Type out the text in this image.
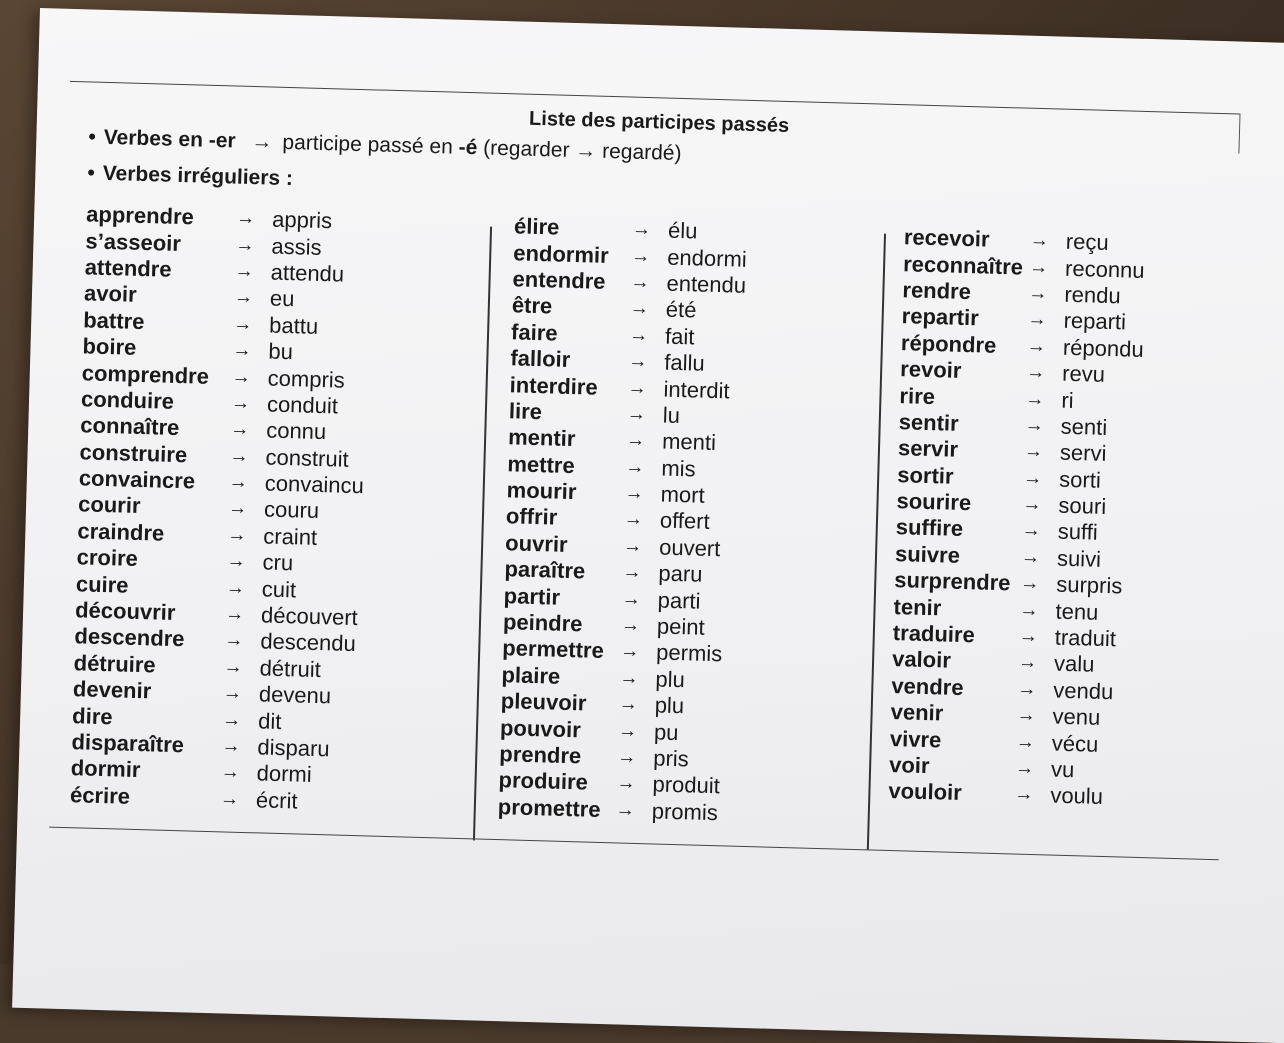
Liste des participes passés
• Verbes en -er → participe passé en -é (regarder → regardé)
• Verbes irréguliers :
apprendre	→ appris
s’asseoir	→ assis
attendre	→ attendu
avoir	→ eu
battre	→ battu
boire	→ bu
comprendre	→ compris
conduire	→ conduit
connaître	→ connu
construire	→ construit
convaincre	→ convaincu
courir	→ couru
craindre	→ craint
croire	→ cru
cuire	→ cuit
découvrir	→ découvert
descendre	→ descendu
détruire	→ détruit
devenir	→ devenu
dire	→ dit
disparaître	→ disparu
dormir	→ dormi
écrire	→ écrit
élire	→ élu
endormir	→ endormi
entendre	→ entendu
être	→ été
faire	→ fait
falloir	→ fallu
interdire	→ interdit
lire	→ lu
mentir	→ menti
mettre	→ mis
mourir	→ mort
offrir	→ offert
ouvrir	→ ouvert
paraître	→ paru
partir	→ parti
peindre	→ peint
permettre → permis
plaire	→ plu
pleuvoir	→ plu
pouvoir	→ pu
prendre	→ pris
produire	→ produit
promettre → promis
recevoir	→ reçu
reconnaître → reconnu
rendre	→ rendu
repartir	→ reparti
répondre	→ répondu
revoir	→ revu
rire	→ ri
sentir	→ senti
servir	→ servi
sortir	→ sorti
sourire	→ souri
suffire	→ suffi
suivre	→ suivi
surprendre → surpris
tenir	→ tenu
traduire	→ traduit
valoir	→ valu
vendre	→ vendu
venir	→ venu
vivre	→ vécu
voir	→ vu
vouloir	→ voulu
